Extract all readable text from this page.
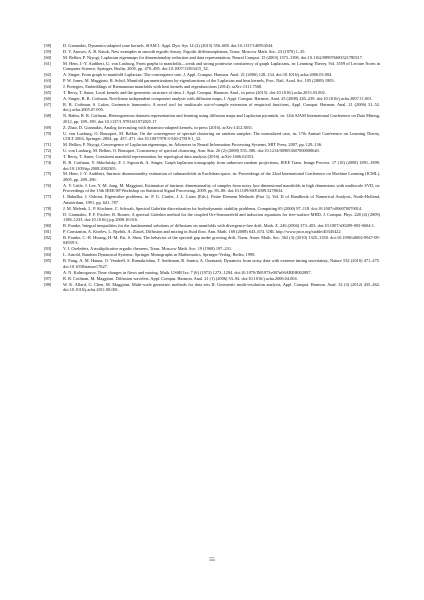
[58]	D. Giannakis, Dynamics-adapted cone kernels, SIAM J. Appl. Dyn. Sys 14 (2) (2015) 556–608. doi:10.1137/140954544.
[59]	D. V. Anosov, A. B. Katok, New examples in smooth ergodic theory. Ergodic diffeomorphisms, Trans. Moscow Math. Soc. 23 (1970) 1–35.
[60]	M. Belkin, P. Niyogi, Laplacian eigenmaps for dimensionality reduction and data representation, Neural Comput. 15 (2003) 1373–1396. doi:10.1162/089976603321780317.
[61]	M. Hein, J.-Y. Audibert, U. von Luxburg, From graphs to manifolds—weak and strong pointwise consistency of graph Laplacians, in: Learning Theory, Vol. 3559 of Lecture Notes in Computer Science, Springer, Berlin, 2005, pp. 470–485. doi:10.1007/11503415_32.
[62]	A. Singer, From graph to manifold Laplacian: The convergence rate, J. Appl. Comput. Harmon. Anal. 21 (2006) 128–134. doi:10.1016/j.acha.2006.03.004.
[63]	P. W. Jones, M. Maggioni, R. Schul, Manifold parametrizations by eigenfunctions of the Laplacian and heat kernels, Proc. Natl. Acad. Sci. 105 (2008) 1803.
[64]	J. Portegies, Embeddings of Riemannian manifolds with heat kernels and eigenfunctions (2014). arXiv:1311.7568.
[65]	T. Berry, T. Sauer, Local kernels and the geometric structure of data, J. Appl. Comput. Harmon. Anal., in press (2015). doi:10.1016/j.acha.2015.03.002.
[66]	A. Singer, R. R. Coifman, Non-linear independent component analysis with diffusion maps, J. Appl. Comput. Harmon. Anal. 25 (2008) 226–239. doi:10.1016/j.acha.2007.11.001.
[67]	R. R. Coifman, S. Lafon, Geometric harmonics: A novel tool for multiscale out-of-sample extension of empirical functions, Appl. Comput. Harmon. Anal. 21 (2006) 31–52. doi:j.acha.2005.07.005.
[68]	N. Rabin, R. R. Coifman, Heterogeneous datasets representation and learning using diffusion maps and Laplacian pyramids, in: 12th SIAM International Conference on Data Mining, 2012, pp. 189–199. doi:10.1137/1.9781611972825.17.
[69]	Z. Zhao, D. Giannakis, Analog forecasting with dynamics-adapted kernels, in press (2016). arXiv:1412.3831.
[70]	U. von Luxburg, O. Bousquet, M. Belkin, On the convergence of spectral clustering on random samples: The normalized case, in: 17th Annual Conference on Learning Theory, COLT 2004, Springer, 2004, pp. 457–471. doi:10.1007/978-3-540-27819-1_32.
[71]	M. Belkin, P. Niyogi, Convergence of Laplacian eigenmaps, in: Advances in Neural Information Processing Systems, MIT Press, 2007, pp. 129–136.
[72]	U. von Luxburg, M. Belkin, O. Bousquet, Consistency of spectral clustering, Ann. Stat. 26 (2) (2008) 555–586. doi:10.1214/009053607000000640.
[73]	T. Berry, T. Sauer, Consistent manifold representation for topological data analysis (2016). arXiv:1606.02353.
[74]	R. R. Coifman, Y. Shkolnisky, F. J. Sigworth, A. Singer, Graph laplacian tomography from unknown random projections, IEEE Trans. Image Process. 17 (10) (2008) 1891–1899. doi:10.1109/tip.2008.2002305.
[75]	M. Hein, J.-Y. Audibert, Intrinsic dimensionality estimation of submanifolds in Euclidean space, in: Proceedings of the 22nd International Conference on Machine Learning (ICML), 2005, pp. 289–296.
[76]	A. V. Little, J. Lee, Y.-M. Jung, M. Maggioni, Estimation of intrinsic dimensionality of samples from noisy low-dimensional manifolds in high dimensions with multiscale SVD, in: Proceedings of the 15th IEEE/SP Workshop on Statistical Signal Processing, 2009, pp. 85–88. doi:10.1109/SSP.2009.5278634.
[77]	I. Babuška, J. Osborn, Eigenvalue problems, in: P. G. Ciarlet, J. L. Lions (Eds.), Finite Element Methods (Part 1), Vol. II of Handbook of Numerical Analysis, North-Holland, Amsterdam, 1991, pp. 641–787.
[78]	J. M. Melenk, L. P. Kirchner, C. Schwab, Spectral Galerkin discretization for hydrodynamic stability problems, Computing 65 (2000) 97–118. doi:10.1007/s006070070014.
[79]	D. Giannakis, P. F. Fischer, R. Rosner, A spectral Galerkin method for the coupled Orr-Sommerfeld and induction equations for free-surface MHD, J. Comput. Phys. 228 (4) (2009) 1188–1233. doi:10.1016/j.jcp.2008.10.016.
[80]	B. Franke, Integral inequalities for the fundamental solutions of diffusions on manifolds with divergence-free drift, Math. Z. 246 (2004) 373–403. doi:10.1007/s00209-003-0604-1.
[81]	P. Constantin, A. Kiselev, L. Ryzhik, A. Zlatoš, Diffusion and mixing in fluid flow, Ann. Math. 168 (2008) 643–674. URL http://www.jstor.org/stable/40345422
[82]	B. Franke, C.-R. Hwang, H.-M. Pai, S. Sheu, The behavior of the spectral gap under growing drift, Trans. Amer. Math. Soc. 362 (3) (2010) 1325–1350. doi:10.1090/s0002-9947-09-04939-3.
[83]	V. I. Oseledets, A multiplicative ergodic theorem, Trans. Moscow Math. Soc. 19 (1968) 197–231.
[84]	L. Arnold, Random Dynamical Systems, Springer Monographs in Mathematics, Springer-Verlag, Berlin, 1998.
[85]	B. Fung, A. M. Hanna, O. Vendrell, S. Ramakrishna, T. Seideman, R. Santra, A. Ourmazd, Dynamics from noisy data with extreme timing uncertainty, Nature 532 (2016) 471–475. doi:10.1038/nature17627.
[86]	A. N. Kolmogorov, Time changes in flows and mixing, Math. USSR Izv. 7 (6) (1973) 1273–1294. doi:10.1070/IM1973v007n06ABEH002087.
[87]	R. R. Coifman, M. Maggioni, Diffusion wavelets, Appl. Comput. Harmon. Anal. 21 (1) (2006) 53–94. doi:10.1016/j.acha.2006.04.004.
[88]	W. K. Allard, G. Chen, M. Maggioni, Multi-scale geometric methods for data sets II: Geometric multi-resolution analysis, Appl. Comput. Harmon. Anal. 32 (3) (2012) 435–462. doi:10.1016/j.acha.2011.08.001.
55
